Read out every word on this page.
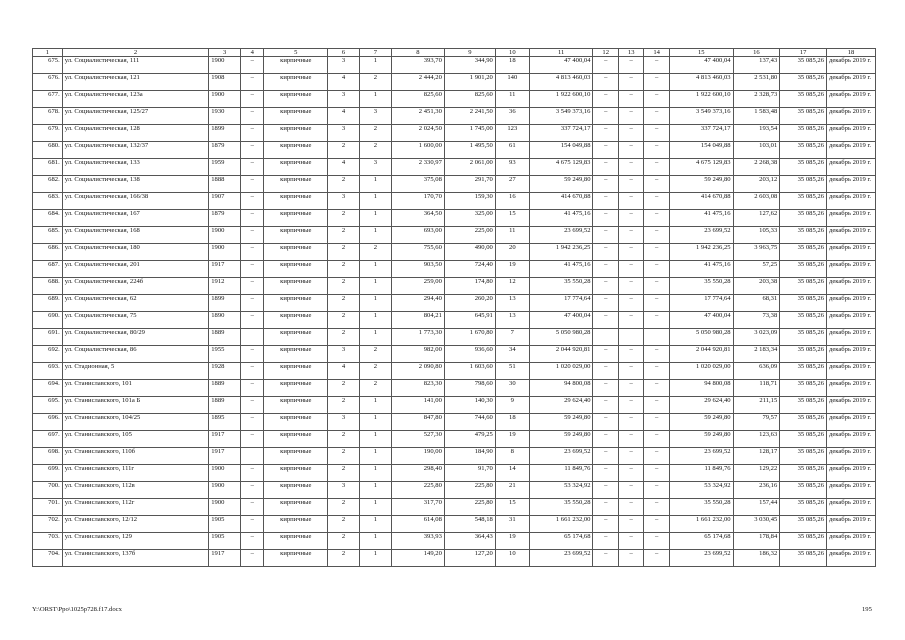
1	2	3	4	5	6	7	8	9	10	11	12	13	14	15	16	17	18
675.	ул. Социалистическая, 111	1900	–	кирпичные	3	1	393,70	344,90	18	47 400,04	–	–	–	47 400,04	137,43	35 085,26	декабрь 2019 г.
676.	ул. Социалистическая, 121	1908	–	кирпичные	4	2	2 444,20	1 901,20	140	4 813 460,03	–	–	–	4 813 460,03	2 531,80	35 085,26	декабрь 2019 г.
677.	ул. Социалистическая, 123а	1900	–	кирпичные	3	1	825,60	825,60	11	1 922 600,10	–	–	–	1 922 600,10	2 328,73	35 085,26	декабрь 2019 г.
678.	ул. Социалистическая, 125/27	1930	–	кирпичные	4	3	2 451,30	2 241,50	36	3 549 373,16	–	–	–	3 549 373,16	1 583,48	35 085,26	декабрь 2019 г.
679.	ул. Социалистическая, 128	1899	–	кирпичные	3	2	2 024,50	1 745,00	123	337 724,17	–	–	–	337 724,17	193,54	35 085,26	декабрь 2019 г.
680.	ул. Социалистическая, 132/37	1879	–	кирпичные	2	2	1 600,00	1 495,50	61	154 049,88	–	–	–	154 049,88	103,01	35 085,26	декабрь 2019 г.
681.	ул. Социалистическая, 133	1959	–	кирпичные	4	3	2 330,97	2 061,00	93	4 675 129,83	–	–	–	4 675 129,83	2 268,38	35 085,26	декабрь 2019 г.
682.	ул. Социалистическая, 138	1888	–	кирпичные	2	1	375,08	291,70	27	59 249,80	–	–	–	59 249,80	203,12	35 085,26	декабрь 2019 г.
683.	ул. Социалистическая, 166/38	1907	–	кирпичные	3	1	170,70	159,30	16	414 670,88	–	–	–	414 670,88	2 603,08	35 085,26	декабрь 2019 г.
684.	ул. Социалистическая, 167	1879	–	кирпичные	2	1	364,50	325,00	15	41 475,16	–	–	–	41 475,16	127,62	35 085,26	декабрь 2019 г.
685.	ул. Социалистическая, 168	1900	–	кирпичные	2	1	693,00	225,00	11	23 699,52	–	–	–	23 699,52	105,33	35 085,26	декабрь 2019 г.
686.	ул. Социалистическая, 180	1900	–	кирпичные	2	2	755,60	490,00	20	1 942 236,25	–	–	–	1 942 236,25	3 963,75	35 085,26	декабрь 2019 г.
687.	ул. Социалистическая, 201	1917	–	кирпичные	2	1	903,50	724,40	19	41 475,16	–	–	–	41 475,16	57,25	35 085,26	декабрь 2019 г.
688.	ул. Социалистическая, 224б	1912	–	кирпичные	2	1	259,00	174,80	12	35 550,28	–	–	–	35 550,28	203,38	35 085,26	декабрь 2019 г.
689.	ул. Социалистическая, 62	1899	–	кирпичные	2	1	294,40	260,20	13	17 774,64	–	–	–	17 774,64	68,31	35 085,26	декабрь 2019 г.
690.	ул. Социалистическая, 75	1890	–	кирпичные	2	1	804,21	645,91	13	47 400,04	–	–	–	47 400,04	73,38	35 085,26	декабрь 2019 г.
691.	ул. Социалистическая, 80/29	1889		кирпичные	2	1	1 773,30	1 670,80	7	5 050 980,28				5 050 980,28	3 023,09	35 085,26	декабрь 2019 г.
692.	ул. Социалистическая, 86	1955	–	кирпичные	3	2	982,00	936,60	34	2 044 920,81	–	–	–	2 044 920,81	2 183,34	35 085,26	декабрь 2019 г.
693.	ул. Стадионная, 5	1928	–	кирпичные	4	2	2 090,80	1 603,60	51	1 020 029,00	–	–	–	1 020 029,00	636,09	35 085,26	декабрь 2019 г.
694.	ул. Станиславского, 101	1889	–	кирпичные	2	2	823,30	798,60	30	94 800,08	–	–	–	94 800,08	118,71	35 085,26	декабрь 2019 г.
695.	ул. Станиславского, 101а Б	1889	–	кирпичные	2	1	141,00	140,30	9	29 624,40	–	–	–	29 624,40	211,15	35 085,26	декабрь 2019 г.
696.	ул. Станиславского, 104/25	1895	–	кирпичные	3	1	847,80	744,60	18	59 249,80	–	–	–	59 249,80	79,57	35 085,26	декабрь 2019 г.
697.	ул. Станиславского, 105	1917	–	кирпичные	2	1	527,30	479,25	19	59 249,80	–	–	–	59 249,80	123,63	35 085,26	декабрь 2019 г.
698.	ул. Станиславского, 110б	1917		кирпичные	2	1	190,00	184,90	8	23 699,52	–	–	–	23 699,52	128,17	35 085,26	декабрь 2019 г.
699.	ул. Станиславского, 111г	1900	–	кирпичные	2	1	298,40	91,70	14	11 849,76	–	–	–	11 849,76	129,22	35 085,26	декабрь 2019 г.
700.	ул. Станиславского, 112в	1900	–	кирпичные	3	1	225,80	225,80	21	53 324,92	–	–	–	53 324,92	236,16	35 085,26	декабрь 2019 г.
701.	ул. Станиславского, 112г	1900	–	кирпичные	2	1	317,70	225,80	15	35 550,28	–	–	–	35 550,28	157,44	35 085,26	декабрь 2019 г.
702.	ул. Станиславского, 12/12	1905	–	кирпичные	2	1	614,08	548,18	31	1 661 232,00	–	–	–	1 661 232,00	3 030,45	35 085,26	декабрь 2019 г.
703.	ул. Станиславского, 129	1905	–	кирпичные	2	1	393,93	364,43	19	65 174,68	–	–	–	65 174,68	178,84	35 085,26	декабрь 2019 г.
704.	ул. Станиславского, 137б	1917	–	кирпичные	2	1	149,20	127,20	10	23 699,52	–	–	–	23 699,52	186,32	35 085,26	декабрь 2019 г.
Y:\ORST\Ppo\1025p728.f17.docx	195
